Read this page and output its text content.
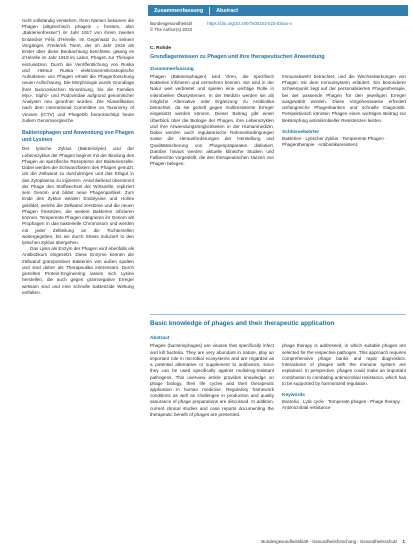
nicht vollständig verstehen. Ihren Namen bekamen die Phagen (altgriechisch phagein = fressen, also „Bakterienfresser“) im Jahr 1917 von ihrem zweiten Entdecker Félix d’Hérelle. Im Gegensatz zu seinem Vorgänger, Frederick Twort, der im Jahr 1915 als Erster über diese Beobachtung berichtete, gelang es d’Hérelle im Jahr 1919 im Labor, Phagen zur Therapie einzusetzen. Durch die Veröffentlichung von Ruska und Helmut Ruska elektronenmikroskopische Aufnahmen von Phagen erhielt die Phagenforschung neuen Aufschwung. Die Morphologie wurde Grundlage ihrer taxonomischen Einordnung, bis die Familien Myo-, Sipho- und Podoviridae aufgrund genomischer Analysen neu geordnet wurden. Die Klassifikation nach dem International Committee on Taxonomy of Viruses (ICTV) und PhageDb berücksichtigt heute zudem Genomvergleiche.

Bakteriophagen und Anwendung von Phagen und Lysinen

Der lytische Zyklus (Bakteriolyse) und der Lebenszyklus der Phagen beginnt mit der Bindung des Phagen an spezifische Rezeptoren der Bakterienzelle. Dabei werden die Schwanzfasern des Phagen genutzt, um die Zellwand zu durchdringen und das Erbgut in das Zytoplasma zu injizieren. Anschließend übernimmt der Phage den Stoffwechsel der Wirtszelle, repliziert sein Genom und bildet neue Phagenpartikel. Zum Ende des Zyklus werden Endolysine und Holine gebildet, welche die Zellwand zerstören und die neuen Phagen freisetzen, die weitere Bakterien infizieren können. Temperente Phagen integrieren ihr Genom als Prophagen in das bakterielle Chromosom und werden mit jeder Zellteilung an die Tochterzellen weitergegeben, bis sie durch Stress induziert in den lytischen Zyklus übergehen.

Das Lysin als Enzym der Phagen wird ebenfalls als Antibiotikum eingesetzt. Diese Enzyme können die Zellwand grampositiver Bakterien von außen spalten und sind daher als Therapeutika interessant. Durch gezieltes Protein-Engineering lassen sich Lysine herstellen, die auch gegen gramnegative Erreger wirksam sind und eine schnelle bakterizide Wirkung entfalten.

Zusammenfassung	Abstract
Bundesgesundheitsbl	https://doi.org/10.1007/s00103-023-03xxx-x
© The Author(s) 2023

C. Rohde

Grundlagenwissen zu Phagen und ihre therapeutischen Anwendung

Zusammenfassung

Phagen (Bakteriophagen) sind Viren, die spezifisch Bakterien infizieren und vermehren können. Sie sind in der Natur weit verbreitet und spielen eine wichtige Rolle in mikrobiellen Ökosystemen. In der Medizin werden sie als mögliche Alternative oder Ergänzung zu Antibiotika betrachtet, da sie gezielt gegen multiresistente Erreger eingesetzt werden können. Dieser Beitrag gibt einen Überblick über die Biologie der Phagen, ihre Lebenszyklen und ihre Anwendungsmöglichkeiten in der Humanmedizin. Dabei werden auch regulatorische Rahmenbedingungen sowie die Herausforderungen der Herstellung und Qualitätssicherung von Phagenpräparaten diskutiert. Darüber hinaus werden aktuelle klinische Studien und Fallberichte vorgestellt, die den therapeutischen Nutzen von Phagen belegen.

Immunabwehr betrachtet, und die Wechselwirkungen von Phagen mit dem Immunsystem erläutert. Ein besonderer Schwerpunkt liegt auf der personalisierten Phagentherapie, bei der passende Phagen für den jeweiligen Erreger ausgewählt werden. Diese Vorgehensweise erfordert umfangreiche Phagenbanken und schnelle Diagnostik. Perspektivisch könnten Phagen einen wichtigen Beitrag zur Bekämpfung antimikrobieller Resistenzen leisten.

Schlüsselwörter

Bakterien · Lytischer Zyklus · Temperente Phagen · Phagentherapie · Antibiotikaresistenz

Basic knowledge of phages and their therapeutic application

Abstract

Phages (bacteriophages) are viruses that specifically infect and kill bacteria. They are very abundant in nature, play an important role in microbial ecosystems and are regarded as a potential alternative or supplement to antibiotics, since they can be used specifically against multidrug-resistant pathogens. This overview article provides knowledge on phage biology, their life cycles and their therapeutic application in human medicine. Regulatory framework conditions as well as challenges in production and quality assurance of phage preparations are discussed. In addition, current clinical studies and case reports documenting the therapeutic benefit of phages are presented.

phage therapy is addressed, in which suitable phages are selected for the respective pathogen. This approach requires comprehensive phage banks and rapid diagnostics. Interactions of phages with the immune system are explained. In perspective, phages could make an important contribution to combating antimicrobial resistance, which has to be supported by harmonized regulation.

Keywords

Bacteria · Lytic cycle · Temperate phages · Phage therapy · Antimicrobial resistance

Bundesgesundheitsblatt - Gesundheitsforschung - Gesundheitsschutz 1
